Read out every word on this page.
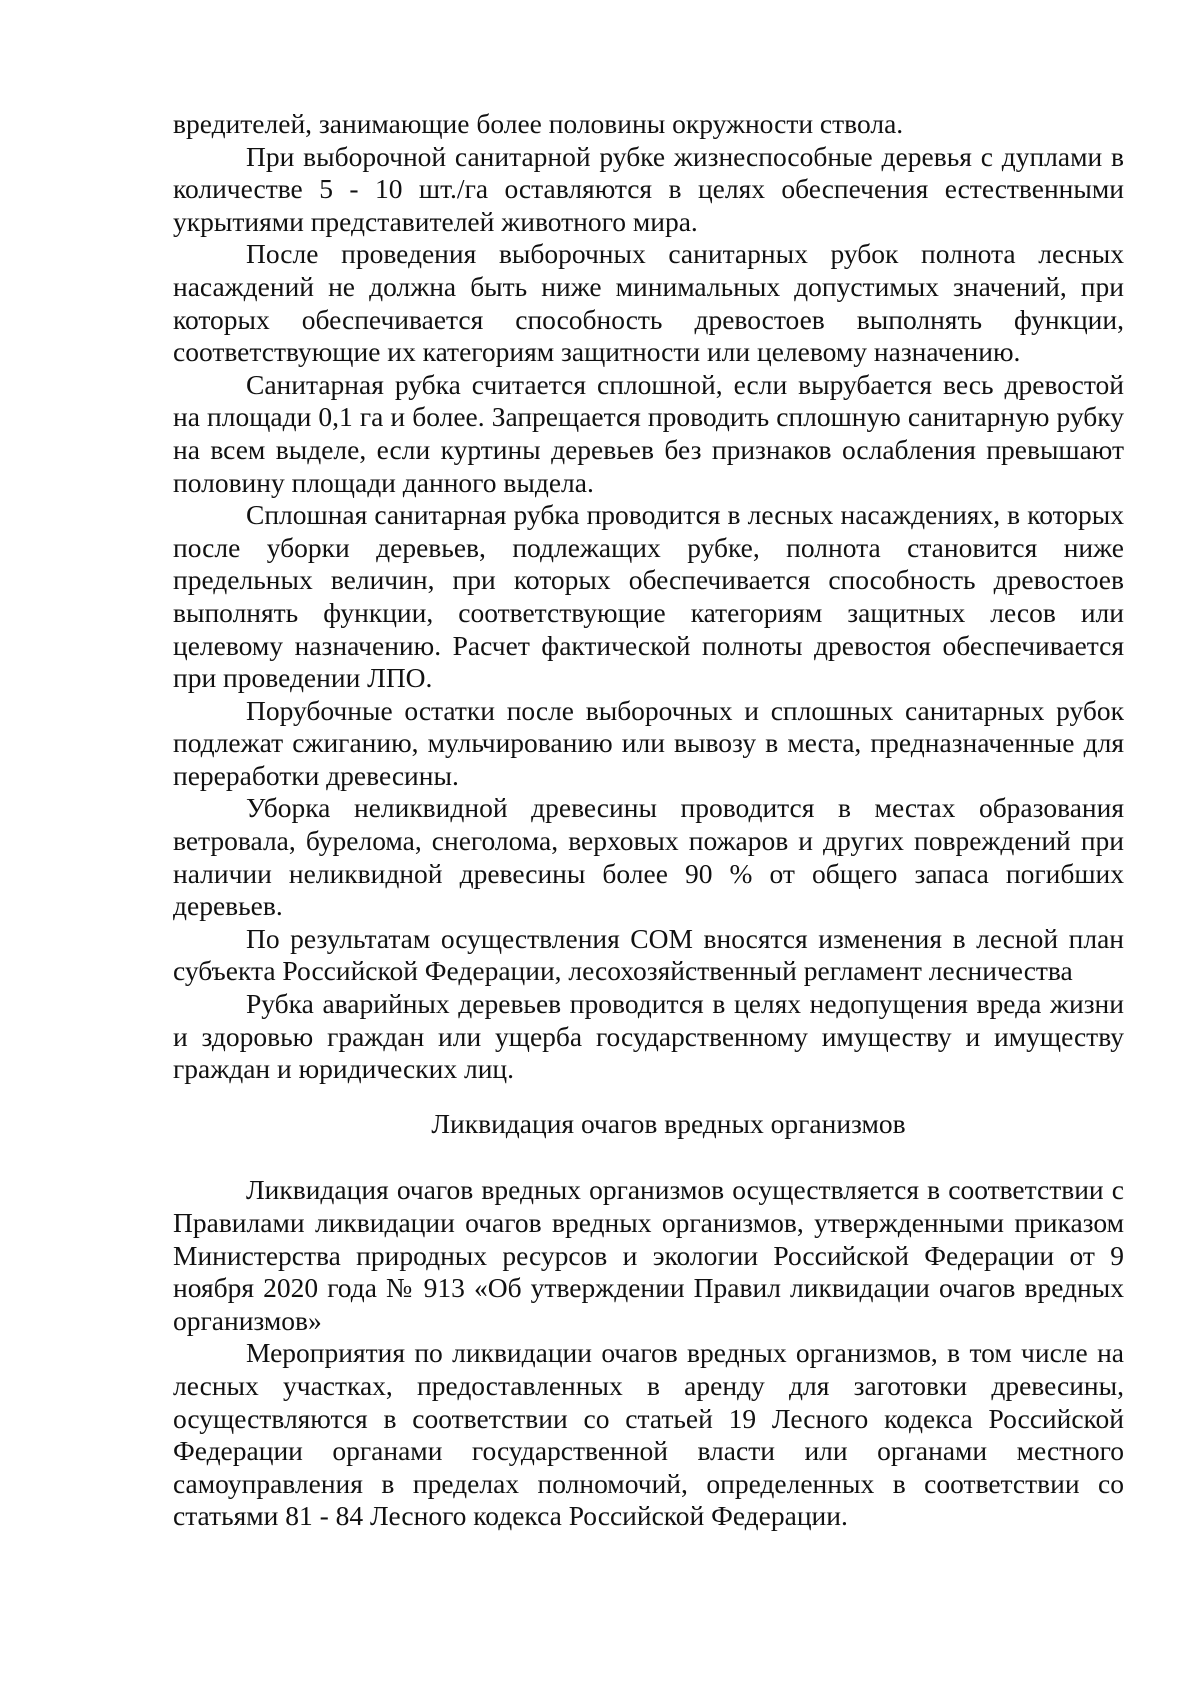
вредителей, занимающие более половины окружности ствола.

При выборочной санитарной рубке жизнеспособные деревья с дуплами в количестве 5 - 10 шт./га оставляются в целях обеспечения естественными укрытиями представителей животного мира.

После проведения выборочных санитарных рубок полнота лесных насаждений не должна быть ниже минимальных допустимых значений, при которых обеспечивается способность древостоев выполнять функции, соответствующие их категориям защитности или целевому назначению.

Санитарная рубка считается сплошной, если вырубается весь древостой на площади 0,1 га и более. Запрещается проводить сплошную санитарную рубку на всем выделе, если куртины деревьев без признаков ослабления превышают половину площади данного выдела.

Сплошная санитарная рубка проводится в лесных насаждениях, в которых после уборки деревьев, подлежащих рубке, полнота становится ниже предельных величин, при которых обеспечивается способность древостоев выполнять функции, соответствующие категориям защитных лесов или целевому назначению. Расчет фактической полноты древостоя обеспечивается при проведении ЛПО.

Порубочные остатки после выборочных и сплошных санитарных рубок подлежат сжиганию, мульчированию или вывозу в места, предназначенные для переработки древесины.

Уборка неликвидной древесины проводится в местах образования ветровала, бурелома, снеголома, верховых пожаров и других повреждений при наличии неликвидной древесины более 90 % от общего запаса погибших деревьев.

По результатам осуществления СОМ вносятся изменения в лесной план субъекта Российской Федерации, лесохозяйственный регламент лесничества

Рубка аварийных деревьев проводится в целях недопущения вреда жизни и здоровью граждан или ущерба государственному имуществу и имуществу граждан и юридических лиц.

Ликвидация очагов вредных организмов

Ликвидация очагов вредных организмов осуществляется в соответствии с Правилами ликвидации очагов вредных организмов, утвержденными приказом Министерства природных ресурсов и экологии Российской Федерации от 9 ноября 2020 года № 913 «Об утверждении Правил ликвидации очагов вредных организмов»

Мероприятия по ликвидации очагов вредных организмов, в том числе на лесных участках, предоставленных в аренду для заготовки древесины, осуществляются в соответствии со статьей 19 Лесного кодекса Российской Федерации органами государственной власти или органами местного самоуправления в пределах полномочий, определенных в соответствии со статьями 81 - 84 Лесного кодекса Российской Федерации.
